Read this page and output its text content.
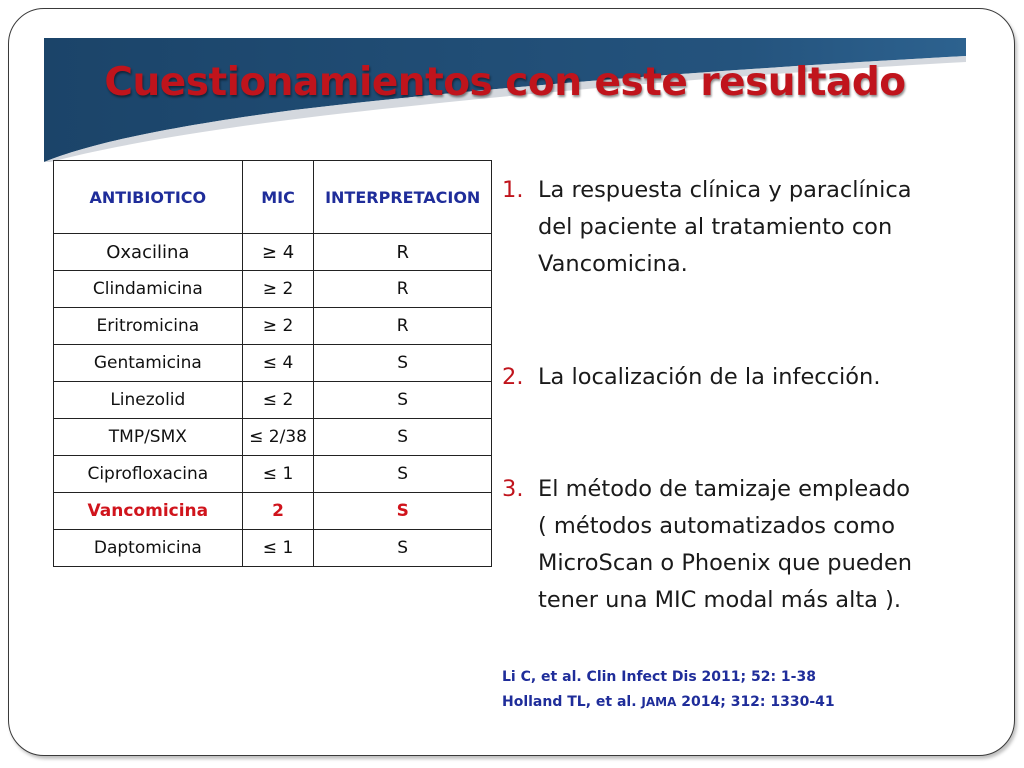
Cuestionamientos con este resultado
ANTIBIOTICO	MIC	INTERPRETACION
Oxacilina	≥ 4	R
Clindamicina	≥ 2	R
Eritromicina	≥ 2	R
Gentamicina	≤ 4	S
Linezolid	≤ 2	S
TMP/SMX	≤ 2/38	S
Ciprofloxacina	≤ 1	S
Vancomicina	2	S
Daptomicina	≤ 1	S
1. La respuesta clínica y paraclínica
del paciente al tratamiento con
Vancomicina.
2. La localización de la infección.
3. El método de tamizaje empleado
( métodos automatizados como
MicroScan o Phoenix que pueden
tener una MIC modal más alta ).
Li C, et al. Clin Infect Dis 2011; 52: 1-38
Holland TL, et al. JAMA 2014; 312: 1330-41
